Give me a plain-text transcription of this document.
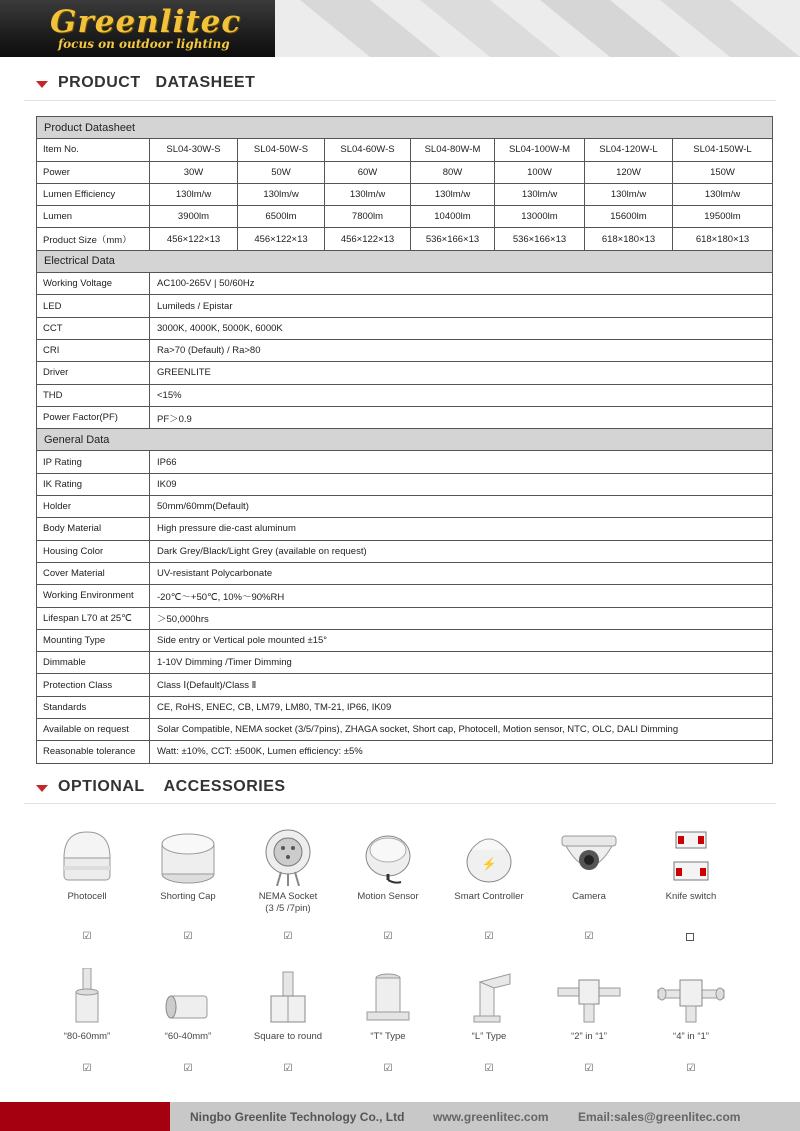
Greenlitec
focus on outdoor lighting
PRODUCT   DATASHEET
Product Datasheet							
Item No.	SL04-30W-S	SL04-50W-S	SL04-60W-S	SL04-80W-M	SL04-100W-M	SL04-120W-L	SL04-150W-L
Power	30W	50W	60W	80W	100W	120W	150W
Lumen Efficiency	130lm/w	130lm/w	130lm/w	130lm/w	130lm/w	130lm/w	130lm/w
Lumen	3900lm	6500lm	7800lm	10400lm	13000lm	15600lm	19500lm
Product Size（mm）	456×122×13	456×122×13	456×122×13	536×166×13	536×166×13	618×180×13	618×180×13
Electrical Data							
Working Voltage	AC100-265V | 50/60Hz						
LED	Lumileds / Epistar						
CCT	3000K, 4000K, 5000K, 6000K						
CRI	Ra>70 (Default) / Ra>80						
Driver	GREENLITE						
THD	<15%						
Power Factor(PF)	PF＞0.9						
General Data							
IP Rating	IP66						
IK Rating	IK09						
Holder	50mm/60mm(Default)						
Body Material	High pressure die-cast aluminum						
Housing Color	Dark Grey/Black/Light Grey (available on request)						
Cover Material	UV-resistant Polycarbonate						
Working Environment	-20℃～+50℃, 10%～90%RH						
Lifespan L70 at 25℃	＞50,000hrs						
Mounting Type	Side entry or Vertical pole mounted ±15°						
Dimmable	1-10V Dimming /Timer Dimming						
Protection Class	Class Ⅰ(Default)/Class Ⅱ						
Standards	CE, RoHS, ENEC, CB, LM79, LM80, TM-21, IP66, IK09						
Available on request	Solar Compatible, NEMA socket (3/5/7pins), ZHAGA socket, Short cap, Photocell, Motion sensor, NTC, OLC, DALI Dimming						
Reasonable tolerance	Watt: ±10%, CCT: ±500K, Lumen efficiency: ±5%						
OPTIONAL    ACCESSORIES
Photocell	Shorting Cap	NEMA Socket
(3 /5 /7pin)
Motion Sensor
⚡
Smart Controller	Camera	Knife switch
☑	☑	☑	☑	☑	☑
“80-60mm”	“60-40mm”	Square to round	“T” Type	“L” Type	“2” in “1”	“4” in “1”
☑	☑	☑	☑	☑	☑	☑
Ningbo Greenlite Technology Co., Ltd www.greenlitec.com Email:sales@greenlitec.com
